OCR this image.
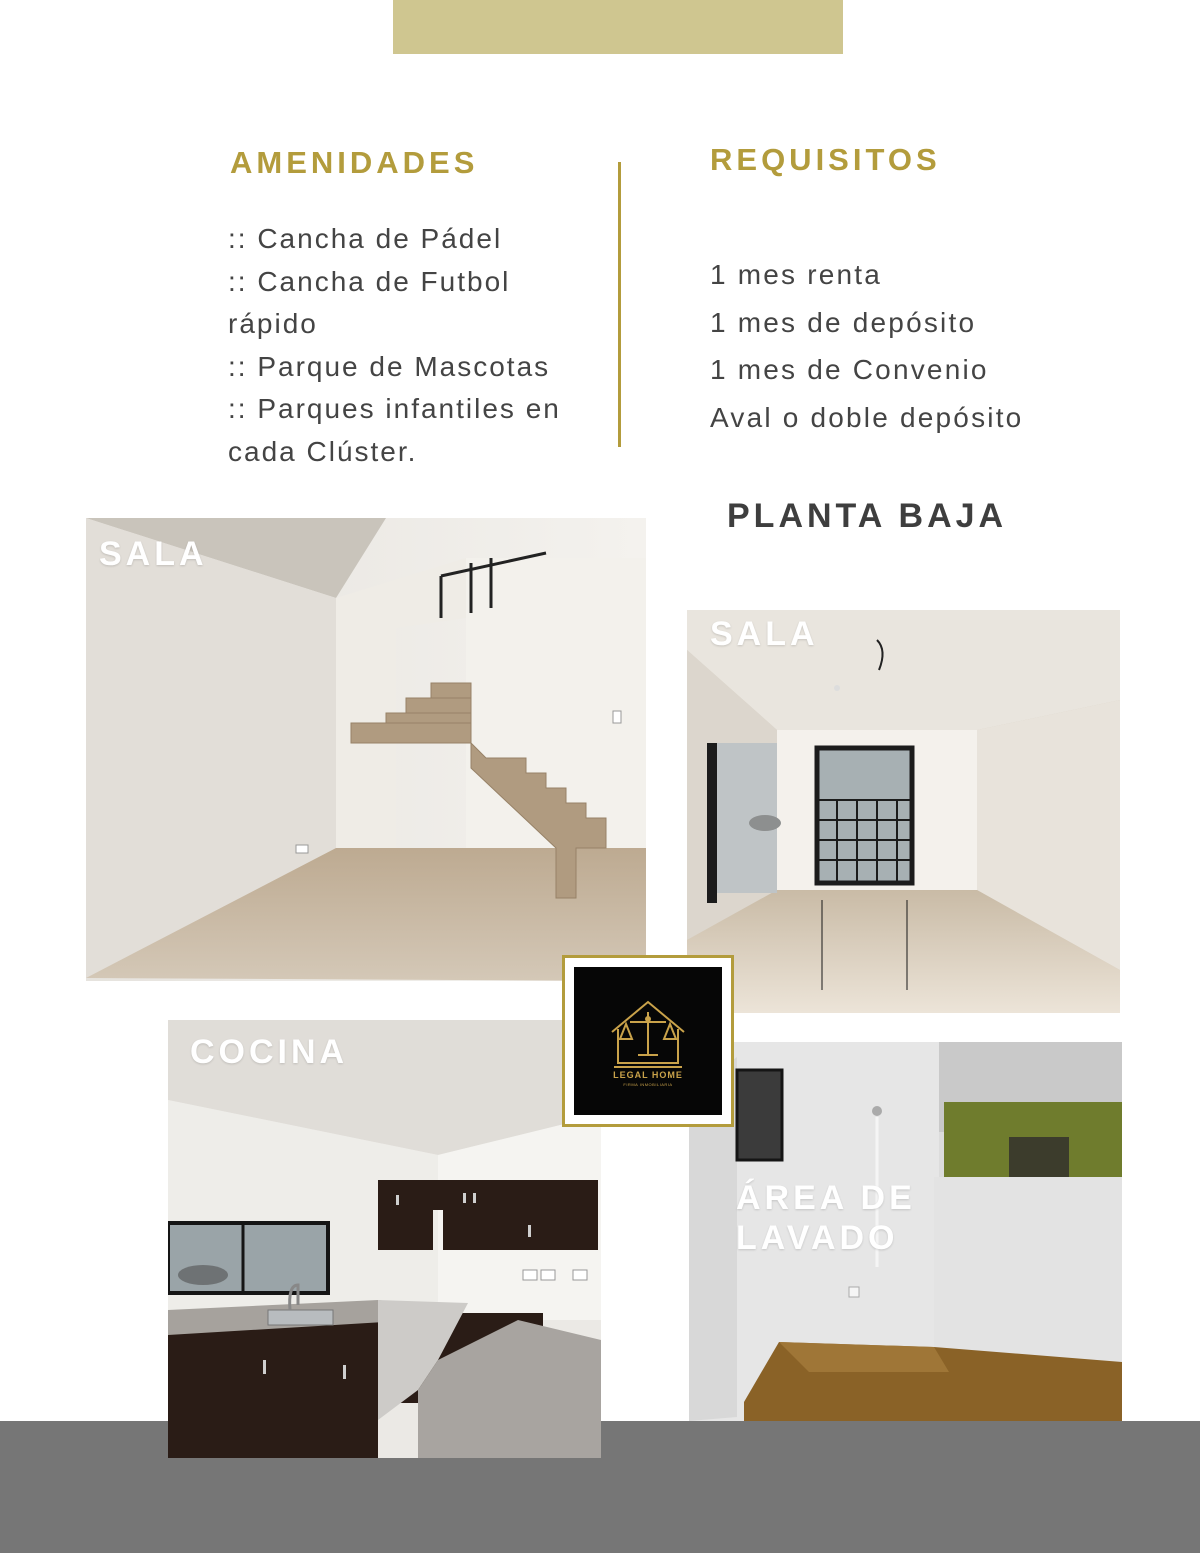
AMENIDADES
:: Cancha de Pádel
:: Cancha de Futbol
rápido
:: Parque de Mascotas
:: Parques infantiles en
cada Clúster.
REQUISITOS
1 mes renta
1 mes de depósito
1 mes de Convenio
Aval o doble depósito
PLANTA BAJA
SALA
SALA
COCINA
ÁREA DE
LAVADO
LEGAL HOME
FIRMA INMOBILIARIA
